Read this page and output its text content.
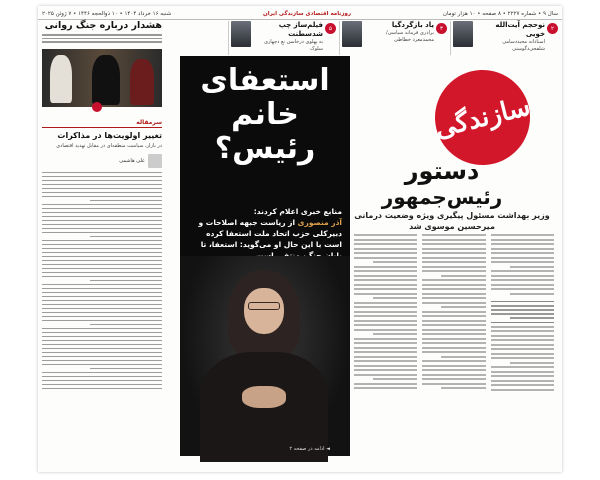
سال ۹ • شماره ۲۲۲۷ • ۸ صفحه • ۱۰ هزار تومان
روزنامه اقتصادی سازندگی ایران
شنبه ۱۶ خرداد ۱۴۰۴ • ۱۰ ذوالحجه ۱۴۴۶ • ۷ ژوئن ۲۰۲۵
۲
نوحجم آیت‌الله خویی
اسنادانه محیددسامی شلفحی‌دگوستی
۳
یاد بازگردگیا
برادری فرمانه سیاسی/ محمدمعرد خطاطی
۵
فیلم‌ساز چپ شدسطنت
به پهلوی درخاسن نع دچهاری سلوک
سازندگی
دستور
رئیس‌جمهور
وزیر بهداشت مسئول پیگیری ویژه وضعیت درمانی میرحسین موسوی شد
استعفای
خانم
رئیس؟
منابع خبری اعلام کردند:
آذر منصوری از ریاست جبهه اصلاحات و دبیرکلی حزب اتحاد ملت استعفا کرده است با این حال او می‌گوید: استعفا، تا
◄ ادامه در صفحه ۲
هشدار درباره جنگ روانی
سرمقاله
تغییر اولویت‌ها در مذاکرات
در بازار، سیاست منطقه‌ای در مقابل تهدید اقتصادی
علی هاشمی
